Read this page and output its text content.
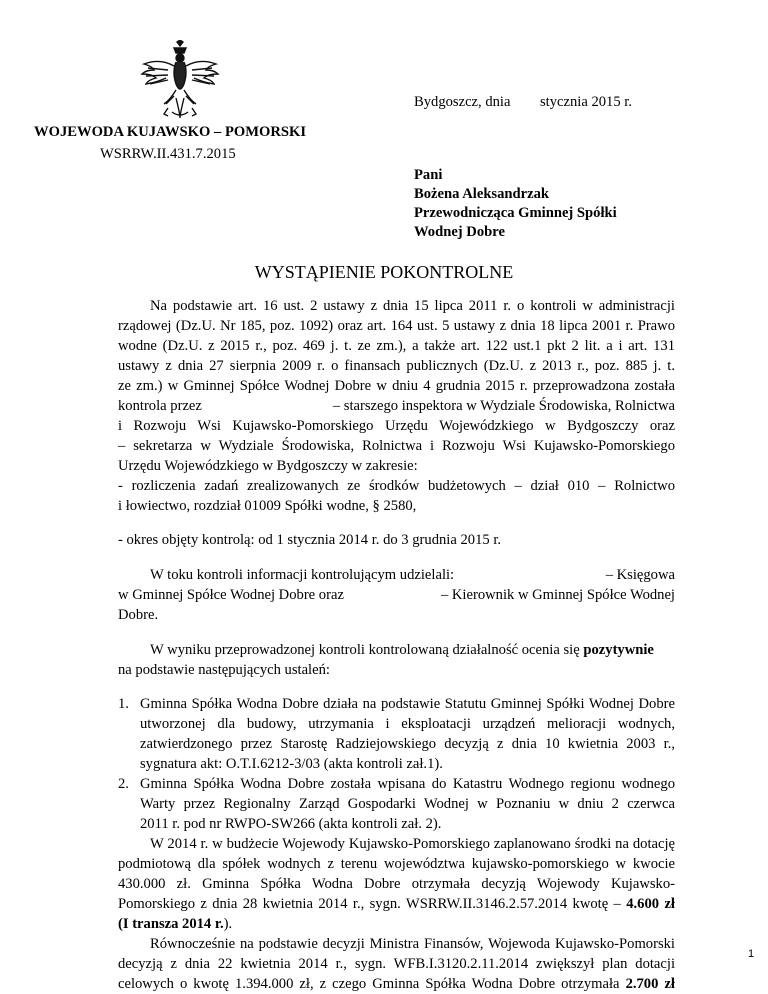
Bydgoszcz, dnia stycznia 2015 r.
WOJEWODA KUJAWSKO – POMORSKI
WSRRW.II.431.7.2015
Pani
Bożena Aleksandrzak
Przewodnicząca Gminnej Spółki
Wodnej Dobre
WYSTĄPIENIE POKONTROLNE
Na podstawie art. 16 ust. 2 ustawy z dnia 15 lipca 2011 r. o kontroli w administracji
rządowej (Dz.U. Nr 185, poz. 1092) oraz art. 164 ust. 5 ustawy z dnia 18 lipca 2001 r. Prawo
wodne (Dz.U. z 2015 r., poz. 469 j. t. ze zm.), a także art. 122 ust.1 pkt 2 lit. a i art. 131
ustawy z dnia 27 sierpnia 2009 r. o finansach publicznych (Dz.U. z 2013 r., poz. 885 j. t.
ze zm.) w Gminnej Spółce Wodnej Dobre w dniu 4 grudnia 2015 r. przeprowadzona została
kontrola przez	– starszego inspektora w Wydziale Środowiska, Rolnictwa
i Rozwoju Wsi Kujawsko-Pomorskiego Urzędu Wojewódzkiego w Bydgoszczy oraz
– sekretarza w Wydziale Środowiska, Rolnictwa i Rozwoju Wsi Kujawsko-Pomorskiego
Urzędu Wojewódzkiego w Bydgoszczy w zakresie:
- rozliczenia zadań zrealizowanych ze środków budżetowych – dział 010 – Rolnictwo
i łowiectwo, rozdział 01009 Spółki wodne, § 2580,
- okres objęty kontrolą: od 1 stycznia 2014 r. do 3 grudnia 2015 r.
W toku kontroli informacji kontrolującym udzielali:	– Księgowa
w Gminnej Spółce Wodnej Dobre oraz	– Kierownik w Gminnej Spółce Wodnej
Dobre.
W wyniku przeprowadzonej kontroli kontrolowaną działalność ocenia się pozytywnie
na podstawie następujących ustaleń:
1. Gminna Spółka Wodna Dobre działa na podstawie Statutu Gminnej Spółki Wodnej Dobre
utworzonej dla budowy, utrzymania i eksploatacji urządzeń melioracji wodnych,
zatwierdzonego przez Starostę Radziejowskiego decyzją z dnia 10 kwietnia 2003 r.,
sygnatura akt: O.T.I.6212-3/03 (akta kontroli zał.1).
2. Gminna Spółka Wodna Dobre została wpisana do Katastru Wodnego regionu wodnego
Warty przez Regionalny Zarząd Gospodarki Wodnej w Poznaniu w dniu 2 czerwca
2011 r. pod nr RWPO-SW266 (akta kontroli zał. 2).
W 2014 r. w budżecie Wojewody Kujawsko-Pomorskiego zaplanowano środki na dotację
podmiotową dla spółek wodnych z terenu województwa kujawsko-pomorskiego w kwocie
430.000 zł. Gminna Spółka Wodna Dobre otrzymała decyzją Wojewody Kujawsko-
Pomorskiego z dnia 28 kwietnia 2014 r., sygn. WSRRW.II.3146.2.57.2014 kwotę – 4.600 zł
(I transza 2014 r.).
Równocześnie na podstawie decyzji Ministra Finansów, Wojewoda Kujawsko-Pomorski
decyzją z dnia 22 kwietnia 2014 r., sygn. WFB.I.3120.2.11.2014 zwiększył plan dotacji
celowych o kwotę 1.394.000 zł, z czego Gminna Spółka Wodna Dobre otrzymała 2.700 zł
1
